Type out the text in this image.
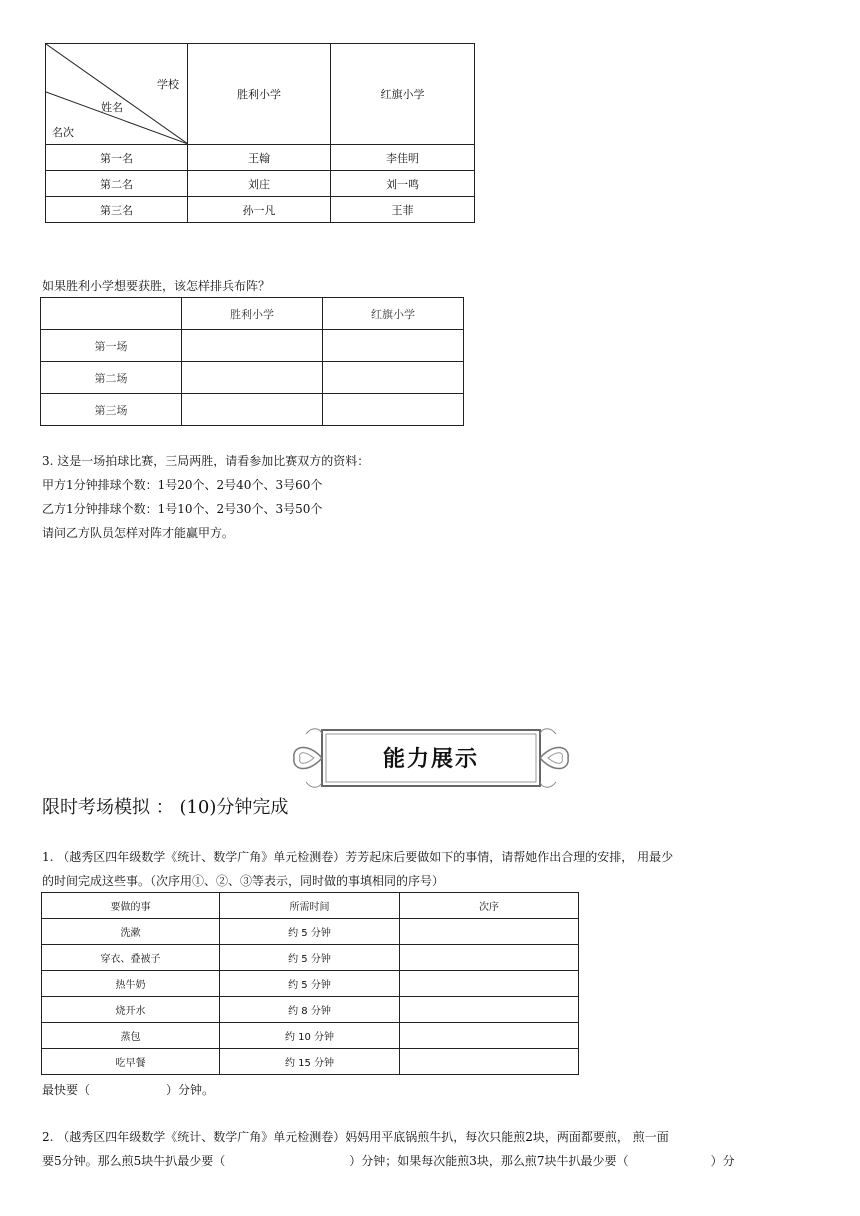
学校
姓名
名次	胜利小学	红旗小学
第一名	王翰	李佳明
第二名	刘庄	刘一鸣
第三名	孙一凡	王菲
如果胜利小学想要获胜，该怎样排兵布阵？
	胜利小学	红旗小学
第一场		
第二场		
第三场		
3. 这是一场拍球比赛，三局两胜，请看参加比赛双方的资料：
甲方1分钟排球个数：1号20个、2号40个、3号60个
乙方1分钟排球个数：1号10个、2号30个、3号50个
请问乙方队员怎样对阵才能赢甲方。
能力展示
限时考场模拟 ： (10)分钟完成
1. （越秀区四年级数学《统计、数学广角》单元检测卷）芳芳起床后要做如下的事情，请帮她作出合理的安排， 用最少
的时间完成这些事。（次序用①、②、③等表示，同时做的事填相同的序号）
要做的事	所需时间	次序
洗漱	约 5 分钟	
穿衣、叠被子	约 5 分钟	
热牛奶	约 5 分钟	
烧开水	约 8 分钟	
蒸包	约 10 分钟	
吃早餐	约 15 分钟	
最快要（	）分钟。
2. （越秀区四年级数学《统计、数学广角》单元检测卷）妈妈用平底锅煎牛扒，每次只能煎2块，两面都要煎， 煎一面
要5分钟。那么煎5块牛扒最少要（	）分钟；如果每次能煎3块，那么煎7块牛扒最少要（	）分
